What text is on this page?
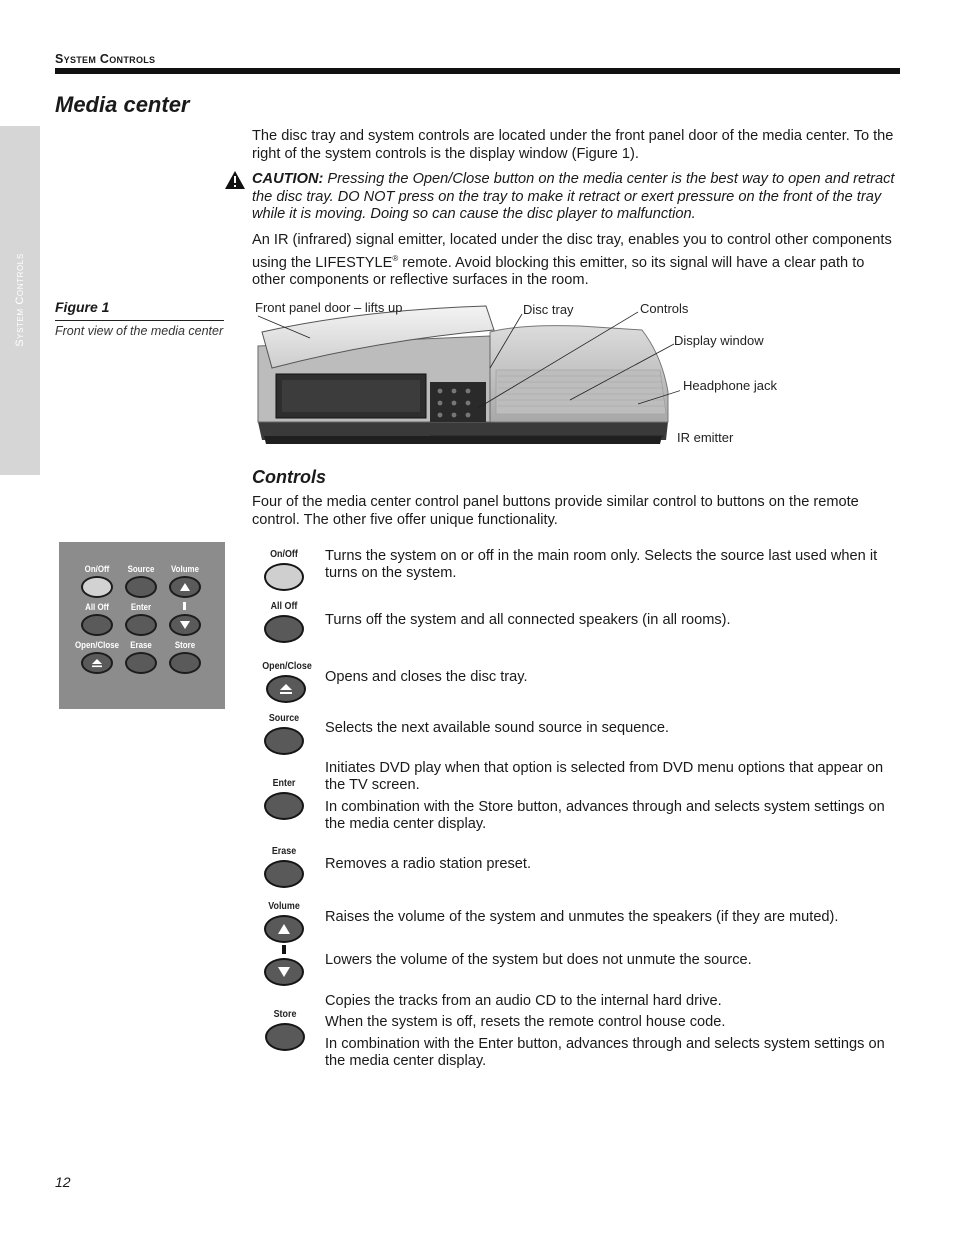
System Controls
System Controls
Media center
The disc tray and system controls are located under the front panel door of the media center. To the right of the system controls is the display window (Figure 1).
CAUTION: Pressing the Open/Close button on the media center is the best way to open and retract the disc tray. DO NOT press on the tray to make it retract or exert pressure on the front of the tray while it is moving. Doing so can cause the disc player to malfunction.
An IR (infrared) signal emitter, located under the disc tray, enables you to control other components using the LIFESTYLE® remote. Avoid blocking this emitter, so its signal will have a clear path to other components or reflective surfaces in the room.
Figure 1
Front view of the media center
Front panel door – lifts up	Disc tray	Controls
Display window
Headphone jack
IR emitter
Controls
Four of the media center control panel buttons provide similar control to buttons on the remote control. The other five offer unique functionality.
On/Off	Source	Volume
All Off	Enter
Open/Close	Erase	Store
On/Off	Turns the system on or off in the main room only. Selects the source last used when it turns on the system.
All Off
Turns off the system and all connected speakers (in all rooms).
Open/Close
Opens and closes the disc tray.
Source
Selects the next available sound source in sequence.
Enter
Initiates DVD play when that option is selected from DVD menu options that appear on the TV screen.
In combination with the Store button, advances through and selects system settings on the media center display.
Erase
Removes a radio station preset.
Volume
Raises the volume of the system and unmutes the speakers (if they are muted).
Lowers the volume of the system but does not unmute the source.
Store
Copies the tracks from an audio CD to the internal hard drive.
When the system is off, resets the remote control house code.
In combination with the Enter button, advances through and selects system settings on the media center display.
12
